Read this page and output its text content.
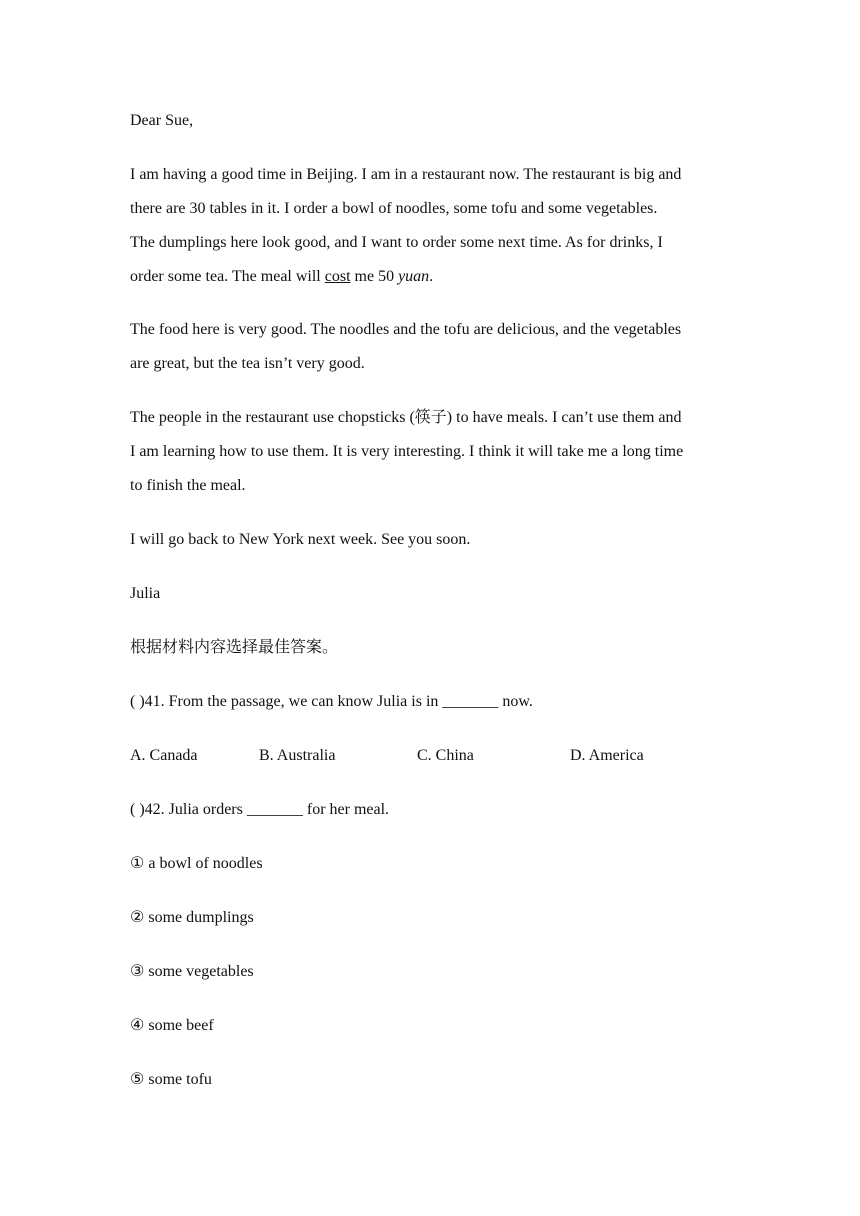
Dear Sue,
I am having a good time in Beijing. I am in a restaurant now. The restaurant is big and
there are 30 tables in it. I order a bowl of noodles, some tofu and some vegetables.
The dumplings here look good, and I want to order some next time. As for drinks, I
order some tea. The meal will cost me 50 yuan.
The food here is very good. The noodles and the tofu are delicious, and the vegetables
are great, but the tea isn’t very good.
The people in the restaurant use chopsticks (筷子) to have meals. I can’t use them and
I am learning how to use them. It is very interesting. I think it will take me a long time
to finish the meal.
I will go back to New York next week. See you soon.
Julia
根据材料内容选择最佳答案。
( )41. From the passage, we can know Julia is in _______ now.
A. Canada	B. Australia	C. China	D. America
( )42. Julia orders _______ for her meal.
① a bowl of noodles
② some dumplings
③ some vegetables
④ some beef
⑤ some tofu
